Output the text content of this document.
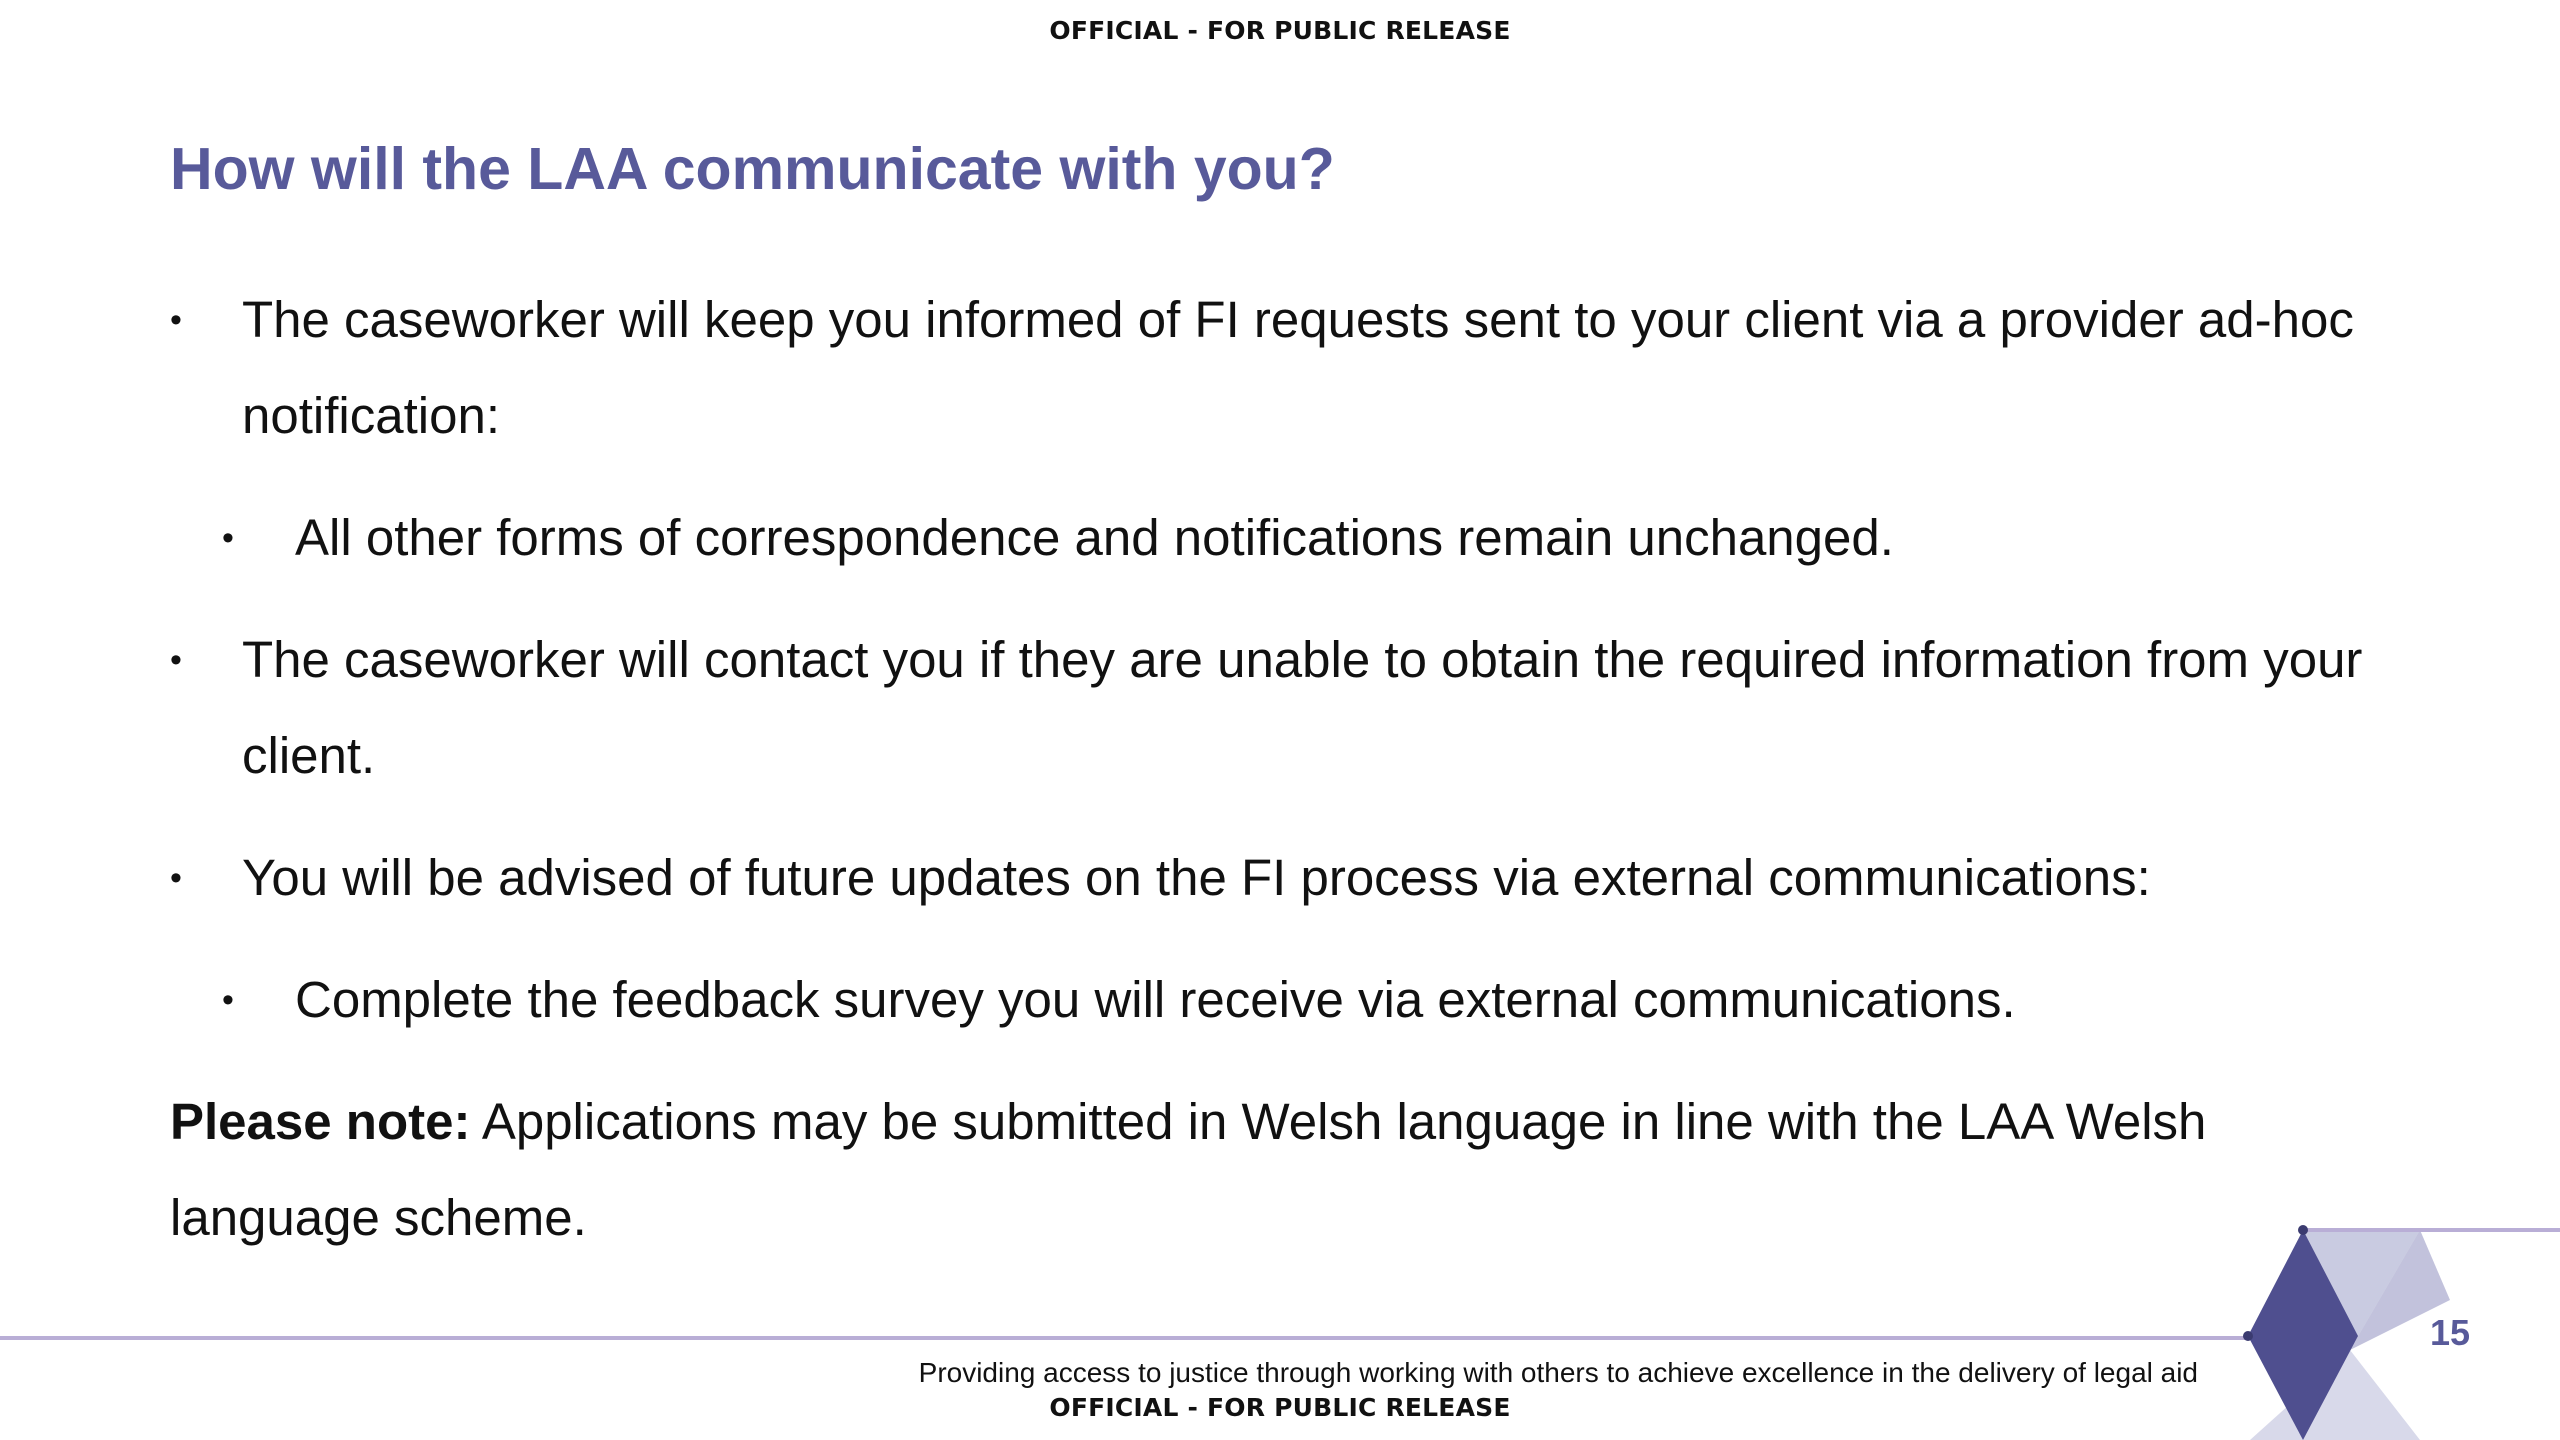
OFFICIAL - FOR PUBLIC RELEASE
How will the LAA communicate with you?
• The caseworker will keep you informed of FI requests sent to your client via a provider ad-hoc notification:
• All other forms of correspondence and notifications remain unchanged.
• The caseworker will contact you if they are unable to obtain the required information from your client.
• You will be advised of future updates on the FI process via external communications:
• Complete the feedback survey you will receive via external communications.

Please note: Applications may be submitted in Welsh language in line with the LAA Welsh language scheme.

15
Providing access to justice through working with others to achieve excellence in the delivery of legal aid
OFFICIAL - FOR PUBLIC RELEASE
